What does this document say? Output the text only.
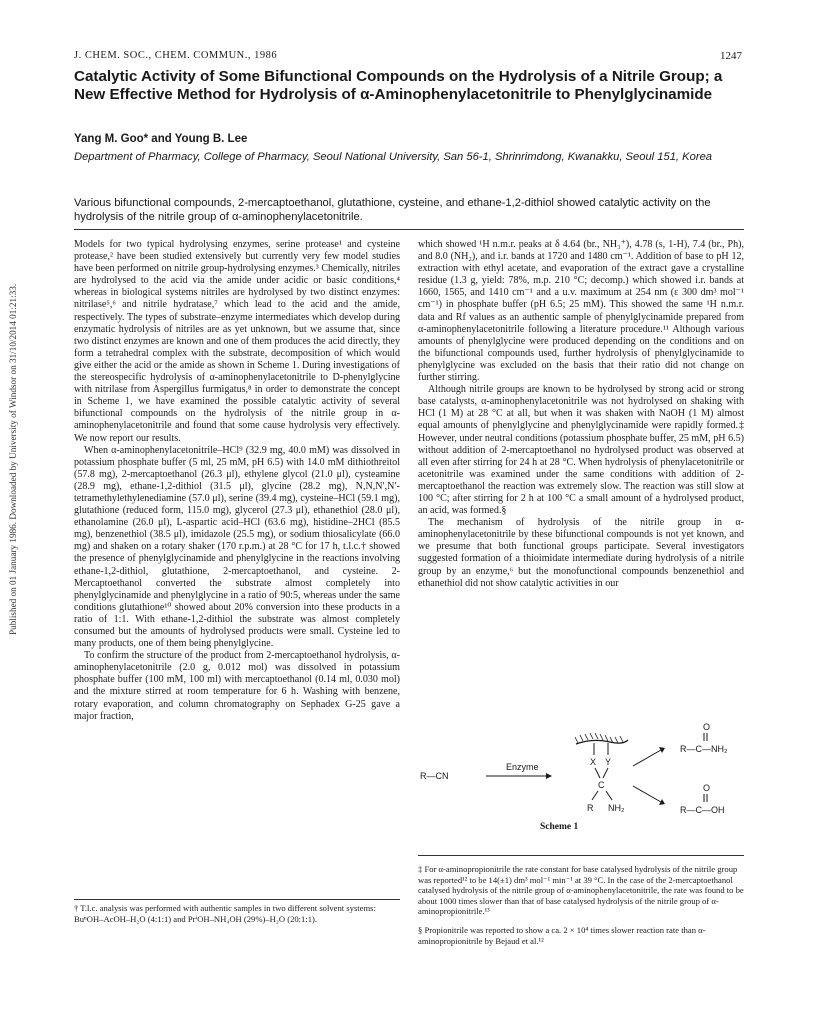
J. CHEM. SOC., CHEM. COMMUN., 1986	1247
Catalytic Activity of Some Bifunctional Compounds on the Hydrolysis of a Nitrile Group; a New Effective Method for Hydrolysis of α-Aminophenylacetonitrile to Phenylglycinamide
Yang M. Goo* and Young B. Lee
Department of Pharmacy, College of Pharmacy, Seoul National University, San 56-1, Shrinrimdong, Kwanakku, Seoul 151, Korea
Various bifunctional compounds, 2-mercaptoethanol, glutathione, cysteine, and ethane-1,2-dithiol showed catalytic activity on the hydrolysis of the nitrile group of α-aminophenylacetonitrile.
Published on 01 January 1986. Downloaded by University of Windsor on 31/10/2014 01:21:33.

Models for two typical hydrolysing enzymes, serine protease¹ and cysteine protease,² have been studied extensively but currently very few model studies have been performed on nitrile group-hydrolysing enzymes.³ Chemically, nitriles are hydrolysed to the acid via the amide under acidic or basic conditions,⁴ whereas in biological systems nitriles are hydrolysed by two distinct enzymes: nitrilase⁵,⁶ and nitrile hydratase,⁷ which lead to the acid and the amide, respectively. The types of substrate–enzyme intermediates which develop during enzymatic hydrolysis of nitriles are as yet unknown, but we assume that, since two distinct enzymes are known and one of them produces the acid directly, they form a tetrahedral complex with the substrate, decomposition of which would give either the acid or the amide as shown in Scheme 1. During investigations of the stereospecific hydrolysis of α-aminophenylacetonitrile to D-phenylglycine with nitrilase from Aspergillus furmigatus,⁸ in order to demonstrate the concept in Scheme 1, we have examined the possible catalytic activity of several bifunctional compounds on the hydrolysis of the nitrile group in α-aminophenylacetonitrile and found that some cause hydrolysis very effectively. We now report our results.

When α-aminophenylacetonitrile–HCl⁹ (32.9 mg, 40.0 mM) was dissolved in potassium phosphate buffer (5 ml, 25 mM, pH 6.5) with 14.0 mM dithiothreitol (57.8 mg), 2-mercaptoethanol (26.3 μl), ethylene glycol (21.0 μl), cysteamine (28.9 mg), ethane-1,2-dithiol (31.5 μl), glycine (28.2 mg), N,N,N′,N′-tetramethylethylenediamine (57.0 μl), serine (39.4 mg), cysteine–HCl (59.1 mg), glutathione (reduced form, 115.0 mg), glycerol (27.3 μl), ethanethiol (28.0 μl), ethanolamine (26.0 μl), L-aspartic acid–HCl (63.6 mg), histidine–2HCl (85.5 mg), benzenethiol (38.5 μl), imidazole (25.5 mg), or sodium thiosalicylate (66.0 mg) and shaken on a rotary shaker (170 r.p.m.) at 28 °C for 17 h, t.l.c.† showed the presence of phenylglycinamide and phenylglycine in the reactions involving ethane-1,2-dithiol, glutathione, 2-mercaptoethanol, and cysteine. 2-Mercaptoethanol converted the substrate almost completely into phenylglycinamide and phenylglycine in a ratio of 90:5, whereas under the same conditions glutathione¹⁰ showed about 20% conversion into these products in a ratio of 1:1. With ethane-1,2-dithiol the substrate was almost completely consumed but the amounts of hydrolysed products were small. Cysteine led to many products, one of them being phenylglycine.

To confirm the structure of the product from 2-mercaptoethanol hydrolysis, α-aminophenylacetonitrile (2.0 g, 0.012 mol) was dissolved in potassium phosphate buffer (100 mM, 100 ml) with mercaptoethanol (0.14 ml, 0.030 mol) and the mixture stirred at room temperature for 6 h. Washing with benzene, rotary evaporation, and column chromatography on Sephadex G-25 gave a major fraction,

which showed ¹H n.m.r. peaks at δ 4.64 (br., NH₃⁺), 4.78 (s, 1-H), 7.4 (br., Ph), and 8.0 (NH₂), and i.r. bands at 1720 and 1480 cm⁻¹. Addition of base to pH 12, extraction with ethyl acetate, and evaporation of the extract gave a crystalline residue (1.3 g, yield: 78%, m.p. 210 °C; decomp.) which showed i.r. bands at 1660, 1565, and 1410 cm⁻¹ and a u.v. maximum at 254 nm (ε 300 dm³ mol⁻¹ cm⁻¹) in phosphate buffer (pH 6.5; 25 mM). This showed the same ¹H n.m.r. data and Rf values as an authentic sample of phenylglycinamide prepared from α-aminophenylacetonitrile following a literature procedure.¹¹ Although various amounts of phenylglycine were produced depending on the conditions and on the bifunctional compounds used, further hydrolysis of phenylglycinamide to phenylglycine was excluded on the basis that their ratio did not change on further stirring.

Although nitrile groups are known to be hydrolysed by strong acid or strong base catalysts, α-aminophenylacetonitrile was not hydrolysed on shaking with HCl (1 M) at 28 °C at all, but when it was shaken with NaOH (1 M) almost equal amounts of phenylglycine and phenylglycinamide were rapidly formed.‡ However, under neutral conditions (potassium phosphate buffer, 25 mM, pH 6.5) without addition of 2-mercaptoethanol no hydrolysed product was observed at all even after stirring for 24 h at 28 °C. When hydrolysis of phenylacetonitrile or acetonitrile was examined under the same conditions with addition of 2-mercaptoethanol the reaction was extremely slow. The reaction was still slow at 100 °C; after stirring for 2 h at 100 °C a small amount of a hydrolysed product, an acid, was formed.§

The mechanism of hydrolysis of the nitrile group in α-aminophenylacetonitrile by these bifunctional compounds is not yet known, and we presume that both functional groups participate. Several investigators suggested formation of a thioimidate intermediate during hydrolysis of a nitrile group by an enzyme,⁶ but the monofunctional compounds benzenethiol and ethanethiol did not show catalytic activities in our

R—CN
Enzyme	X Y
C
R NH₂
O
R—C—NH₂
O
R—C—OH
Scheme 1

† T.l.c. analysis was performed with authentic samples in two different solvent systems: BuⁿOH–AcOH–H₂O (4:1:1) and PrⁱOH–NH₄OH (29%)–H₂O (20:1:1).

‡ For α-aminopropionitrile the rate constant for base catalysed hydrolysis of the nitrile group was reported¹² to be 14(±1) dm³ mol⁻¹ min⁻¹ at 39 °C. In the case of the 2-mercaptoethanol catalysed hydrolysis of the nitrile group of α-aminophenylacetonitrile, the rate was found to be about 1000 times slower than that of base catalysed hydrolysis of the nitrile group of α-aminopropionitrile.¹³

§ Propionitrile was reported to show a ca. 2 × 10⁴ times slower reaction rate than α-aminopropionitrile by Bejaud et al.¹²
